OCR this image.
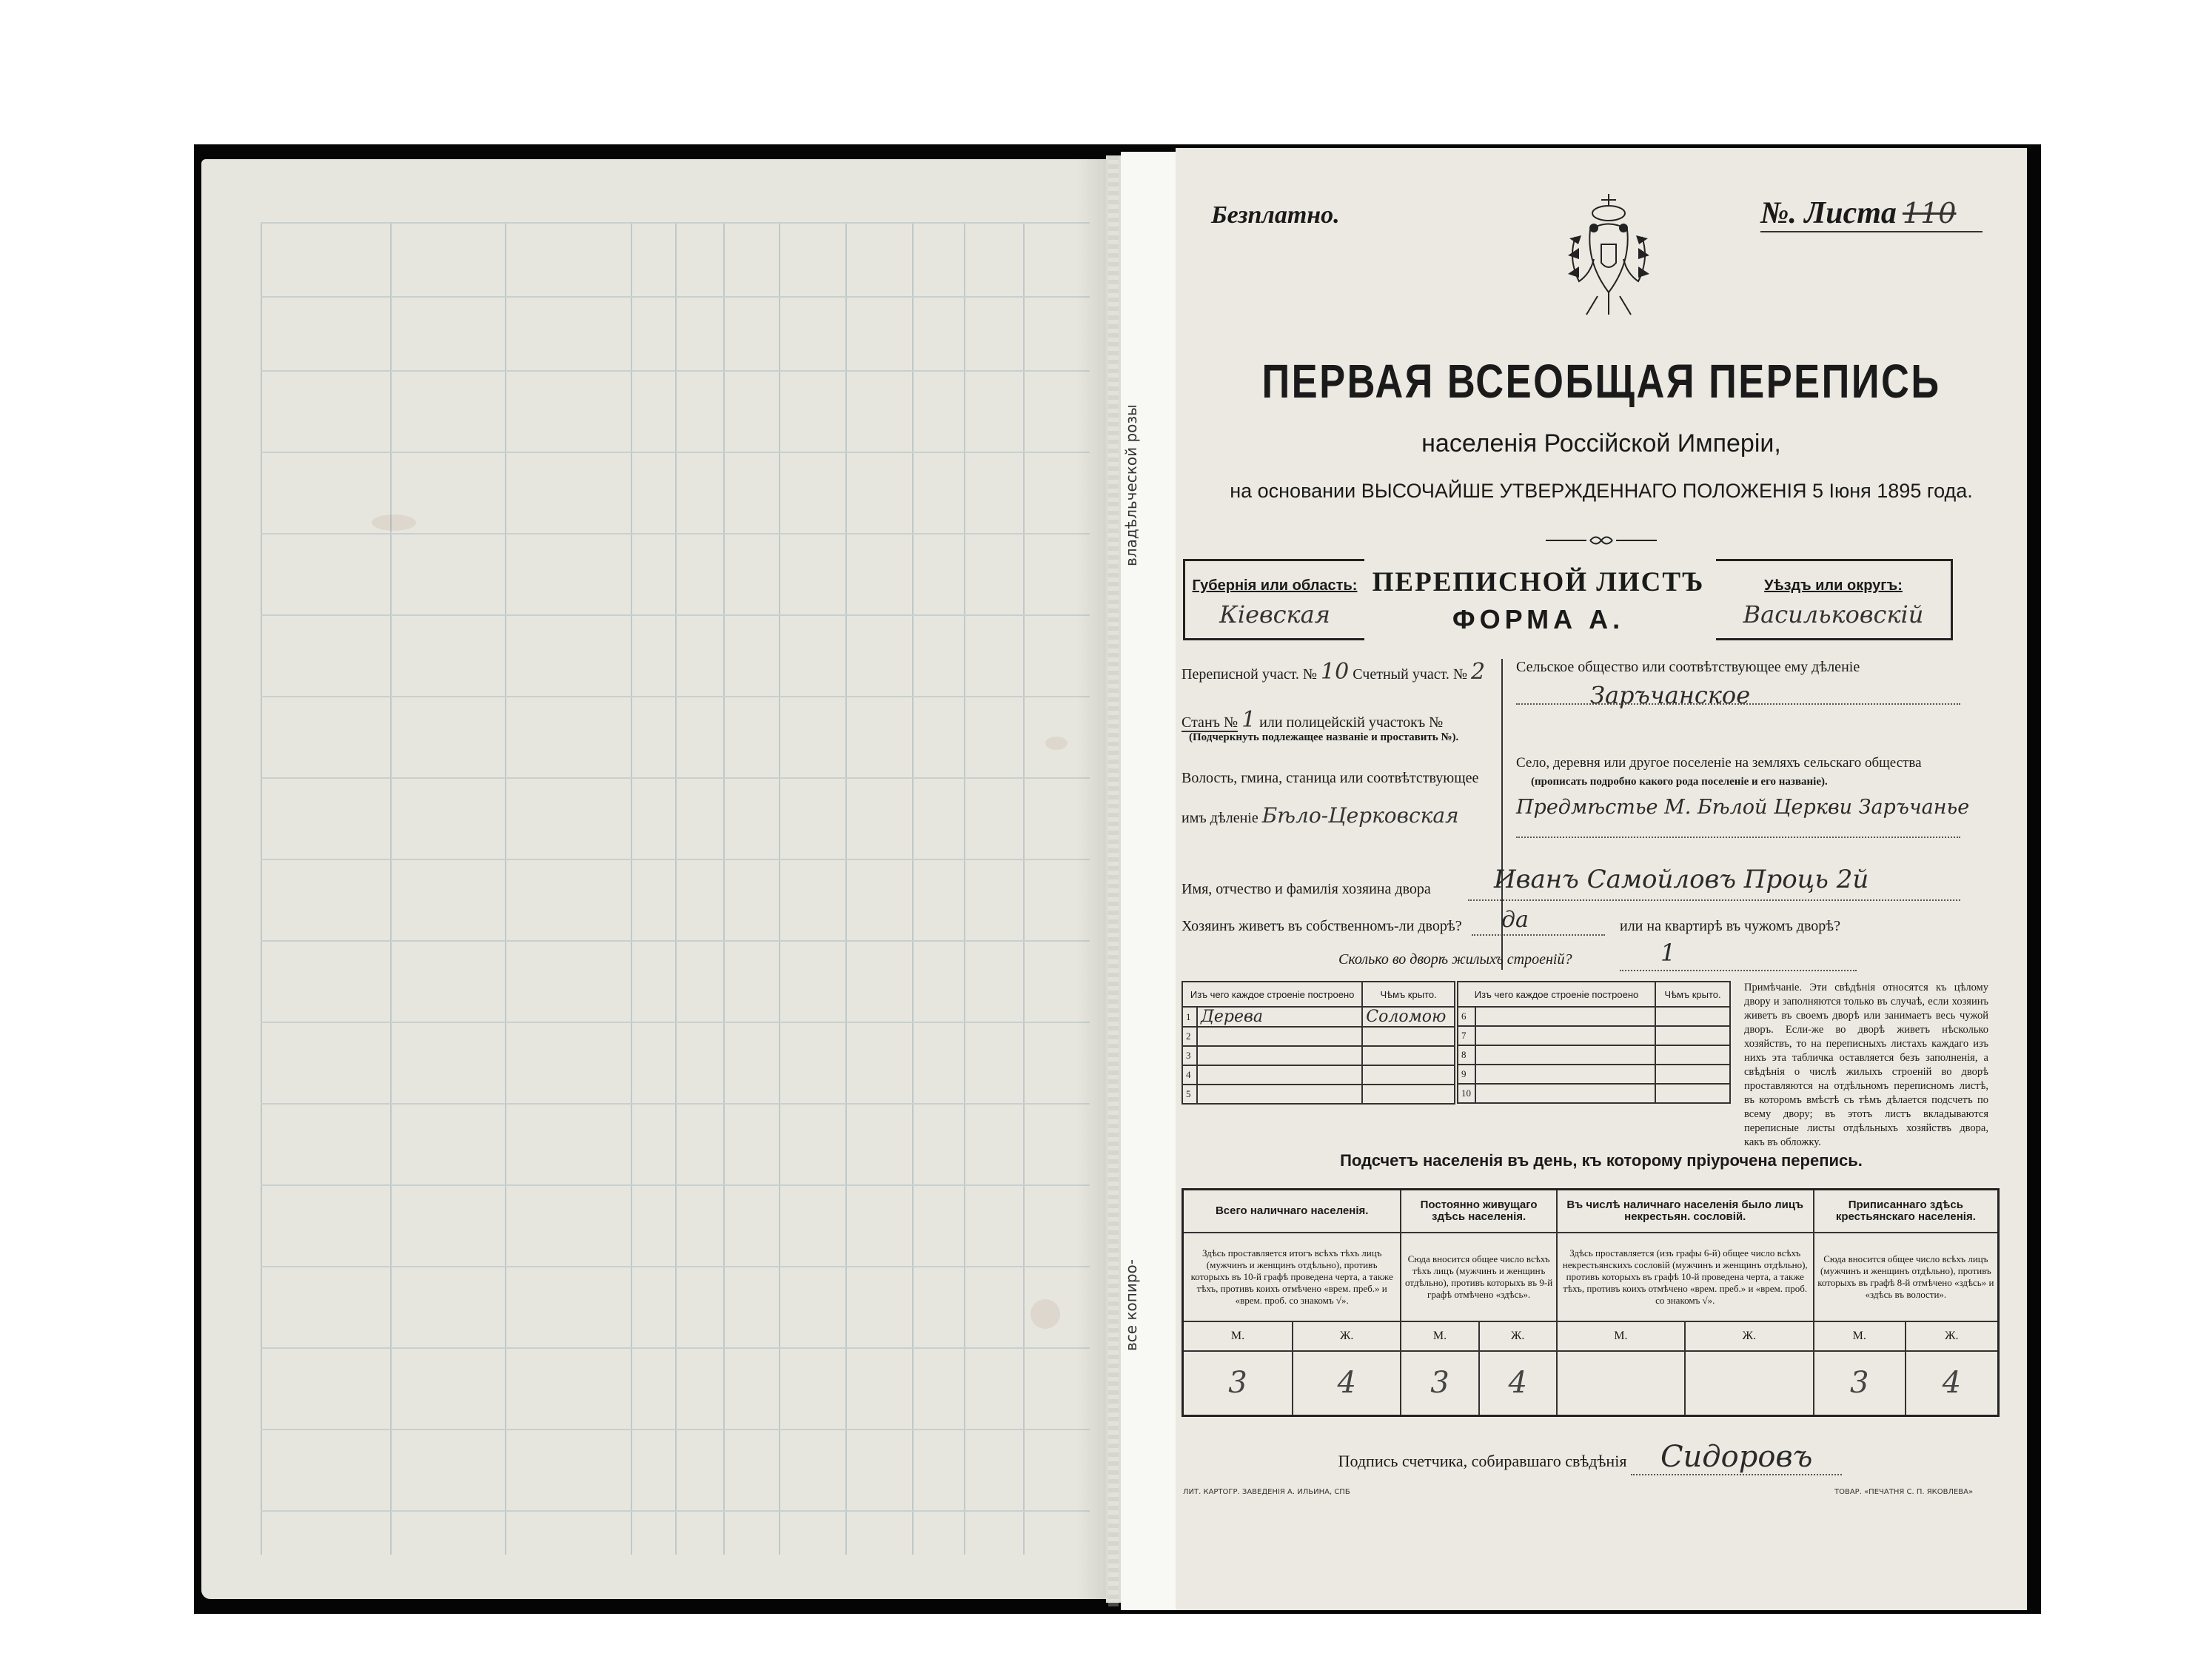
владѣльческой розы
все копиро-
Безплатно.	№. Листа 110
ПЕРВАЯ ВСЕОБЩАЯ ПЕРЕПИСЬ
населенія Россійской Имперіи,
на основании ВЫСОЧАЙШЕ УТВЕРЖДЕННАГО ПОЛОЖЕНІЯ 5 Іюня 1895 года.
Губернія или область:
Кіевская
ПЕРЕПИСНОЙ ЛИСТЪ
ФОРМА А.
Уѣздъ или округъ:
Васильковскій
Переписной участ. № 10 Счетный участ. № 2
Станъ № 1 или полицейскій участокъ №
(Подчеркнуть подлежащее названіе и проставить №).
Волость, гмина, станица или соотвѣтствующее
имъ дѣленіе Бѣло-Церковская
Сельское общество или соотвѣтствующее ему дѣленіе
Заръчанское
Село, деревня или другое поселеніе на земляхъ сельскаго общества
(прописать подробно какого рода поселеніе и его названіе).
Предмѣстье М. Бѣлой Церкви Заръчанье
Имя, отчество и фамилія хозяина двора	Иванъ Самойловъ Проць 2й
Хозяинъ живетъ въ собственномъ-ли дворѣ? да	или на квартирѣ въ чужомъ дворѣ?
Сколько во дворѣ жилыхъ строеній?	1
Изъ чего каждое строеніе построено		Чѣмъ крыто.
1	Дерева	Соломою
2		
3		
4		
5		
Изъ чего каждое строеніе построено		Чѣмъ крыто.
6		
7		
8		
9		
10		
Примѣчаніе. Эти свѣдѣнія относятся къ цѣлому двору и заполняются только въ случаѣ, если хозяинъ живетъ въ своемъ дворѣ или занимаетъ весь чужой дворъ. Если-же во дворѣ живетъ нѣсколько хозяйствъ, то на переписныхъ листахъ каждаго изъ нихъ эта табличка оставляется безъ заполненія, а свѣдѣнія о числѣ жилыхъ строеній во дворѣ проставляются на отдѣльномъ переписномъ листѣ, въ которомъ вмѣстѣ съ тѣмъ дѣлается подсчетъ по всему двору; въ этотъ листъ вкладываются переписные листы отдѣльныхъ хозяйствъ двора, какъ въ обложку.
Подсчетъ населенія въ день, къ которому пріурочена перепись.
Всего наличнаго населенія.		Постоянно живущаго здѣсь населенія.		Въ числѣ наличнаго населенія было лицъ некрестьян. сословій.		Приписаннаго здѣсь крестьянскаго населенія.	
Здѣсь проставляется итогъ всѣхъ тѣхъ лицъ (мужчинъ и женщинъ отдѣльно), противъ которыхъ въ 10-й графѣ проведена черта, а также тѣхъ, противъ коихъ отмѣчено «врем. преб.» и «врем. проб. со знакомъ √».		Сюда вносится общее число всѣхъ тѣхъ лицъ (мужчинъ и женщинъ отдѣльно), противъ которыхъ въ 9-й графѣ отмѣчено «здѣсь».		Здѣсь проставляется (изъ графы 6-й) общее число всѣхъ некрестьянскихъ сословій (мужчинъ и женщинъ отдѣльно), противъ которыхъ въ графѣ 10-й проведена черта, а также тѣхъ, противъ коихъ отмѣчено «врем. преб.» и «врем. проб. со знакомъ √».		Сюда вносится общее число всѣхъ лицъ (мужчинъ и женщинъ отдѣльно), противъ которыхъ въ графѣ 8-й отмѣчено «здѣсь» и «здѣсь въ волости».	
М.	Ж.	М.	Ж.	М.	Ж.	М.	Ж.
3	4	3	4			3	4
Подпись счетчика, собиравшаго свѣдѣнія Сидоровъ
ЛИТ. КАРТОГР. ЗАВЕДЕНІЯ А. ИЛЬИНА, СПБ	ТОВАР. «ПЕЧАТНЯ С. П. ЯКОВЛЕВА»
